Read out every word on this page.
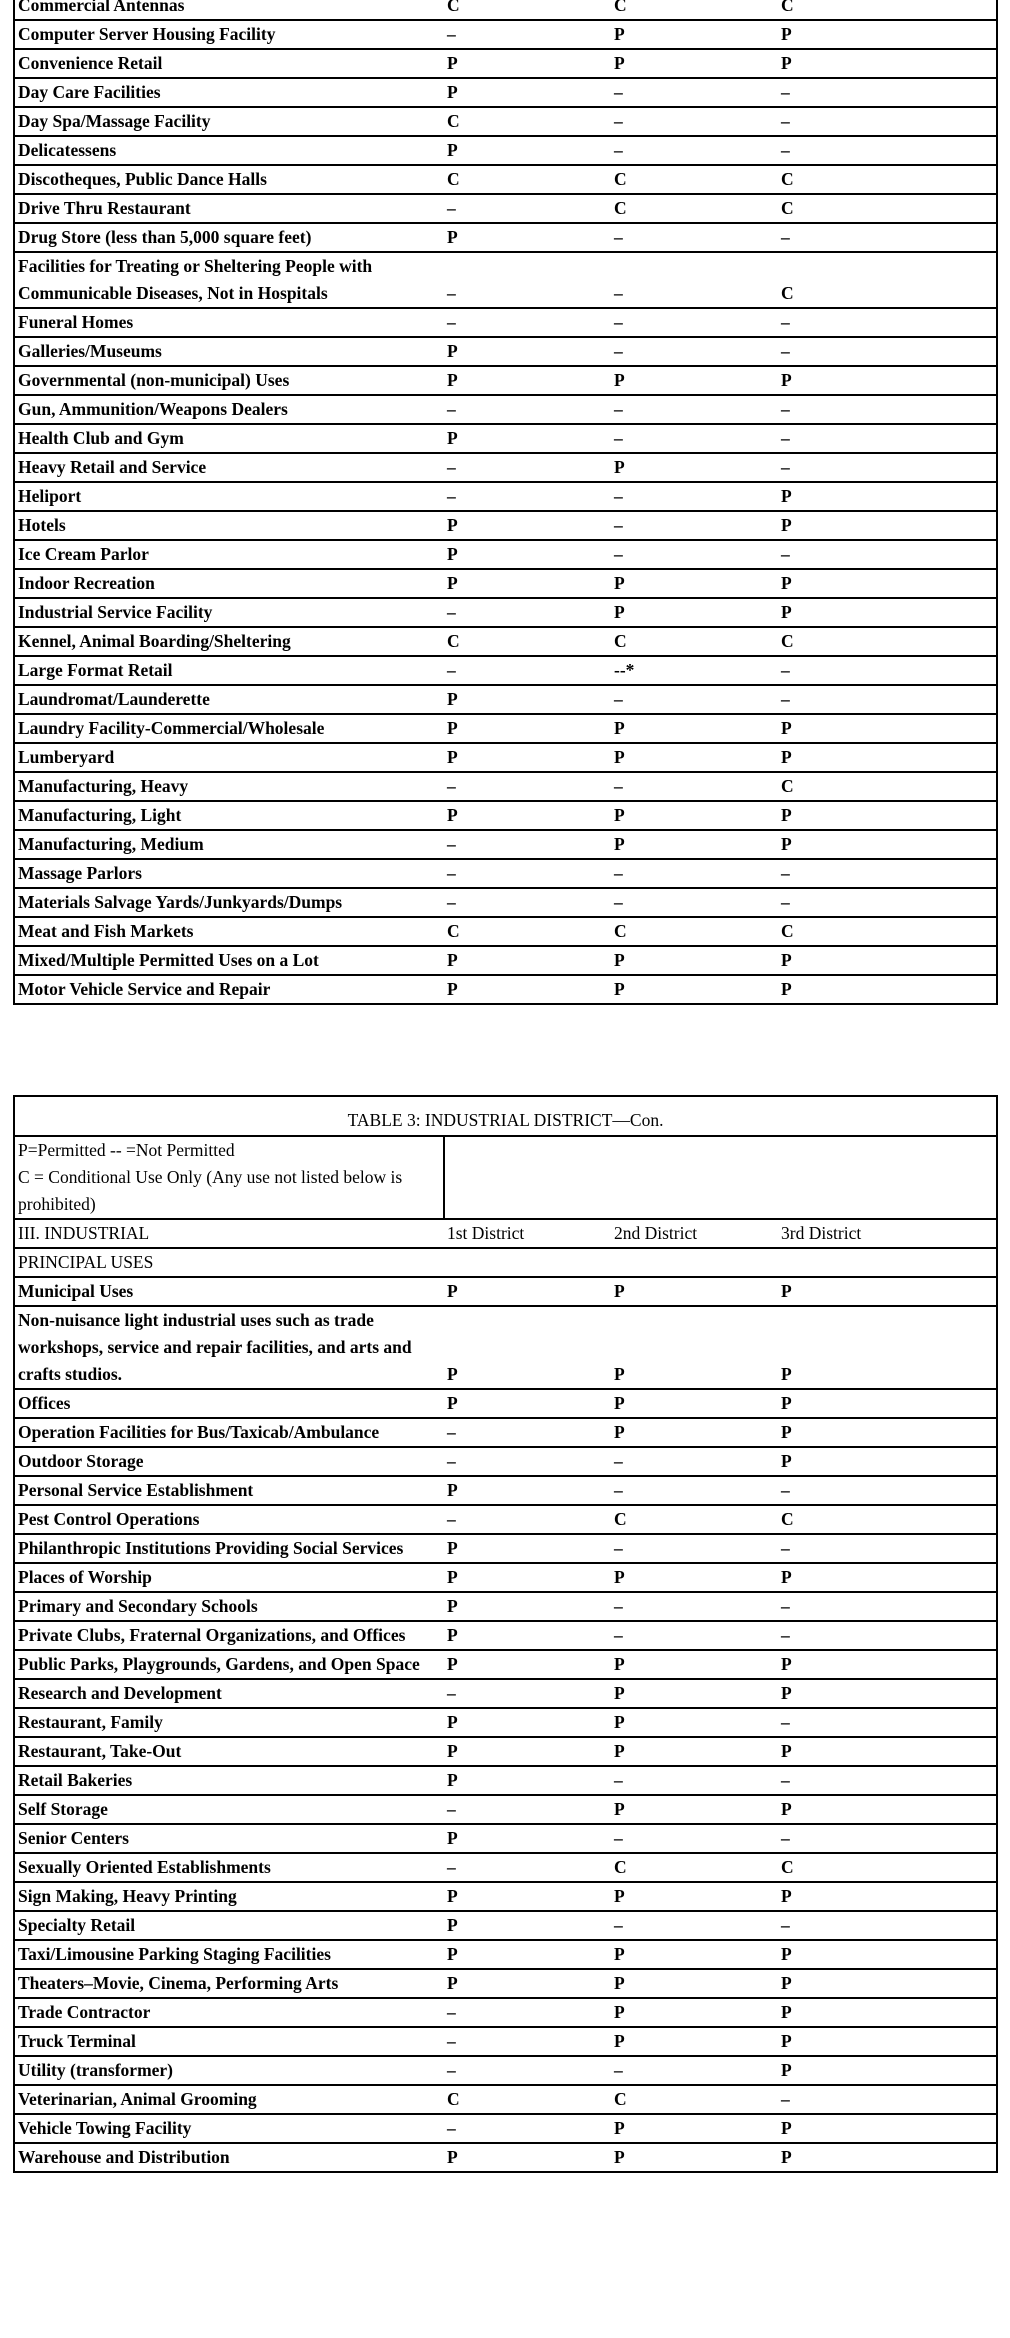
Commercial Antennas	C	C	C
Computer Server Housing Facility	–	P	P
Convenience Retail	P	P	P
Day Care Facilities	P	–	–
Day Spa/Massage Facility	C	–	–
Delicatessens	P	–	–
Discotheques, Public Dance Halls	C	C	C
Drive Thru Restaurant	–	C	C
Drug Store (less than 5,000 square feet)	P	–	–
Facilities for Treating or Sheltering People with Communicable Diseases, Not in Hospitals	–	–	C
Funeral Homes	–	–	–
Galleries/Museums	P	–	–
Governmental (non-municipal) Uses	P	P	P
Gun, Ammunition/Weapons Dealers	–	–	–
Health Club and Gym	P	–	–
Heavy Retail and Service	–	P	–
Heliport	–	–	P
Hotels	P	–	P
Ice Cream Parlor	P	–	–
Indoor Recreation	P	P	P
Industrial Service Facility	–	P	P
Kennel, Animal Boarding/Sheltering	C	C	C
Large Format Retail	–	--*	–
Laundromat/Launderette	P	–	–
Laundry Facility-Commercial/Wholesale	P	P	P
Lumberyard	P	P	P
Manufacturing, Heavy	–	–	C
Manufacturing, Light	P	P	P
Manufacturing, Medium	–	P	P
Massage Parlors	–	–	–
Materials Salvage Yards/Junkyards/Dumps	–	–	–
Meat and Fish Markets	C	C	C
Mixed/Multiple Permitted Uses on a Lot	P	P	P
Motor Vehicle Service and Repair	P	P	P
TABLE 3: INDUSTRIAL DISTRICT—Con.			

P=Permitted -- =Not Permitted
C = Conditional Use Only (Any use not listed below is prohibited)			

III. INDUSTRIAL	1st District	2nd District	3rd District
PRINCIPAL USES			
Municipal Uses	P	P	P
Non-nuisance light industrial uses such as trade workshops, service and repair facilities, and arts and crafts studios.	P	P	P
Offices	P	P	P
Operation Facilities for Bus/Taxicab/Ambulance	–	P	P
Outdoor Storage	–	–	P
Personal Service Establishment	P	–	–
Pest Control Operations	–	C	C
Philanthropic Institutions Providing Social Services	P	–	–
Places of Worship	P	P	P
Primary and Secondary Schools	P	–	–
Private Clubs, Fraternal Organizations, and Offices	P	–	–
Public Parks, Playgrounds, Gardens, and Open Space	P	P	P
Research and Development	–	P	P
Restaurant, Family	P	P	–
Restaurant, Take-Out	P	P	P
Retail Bakeries	P	–	–
Self Storage	–	P	P
Senior Centers	P	–	–
Sexually Oriented Establishments	–	C	C
Sign Making, Heavy Printing	P	P	P
Specialty Retail	P	–	–
Taxi/Limousine Parking Staging Facilities	P	P	P
Theaters–Movie, Cinema, Performing Arts	P	P	P
Trade Contractor	–	P	P
Truck Terminal	–	P	P
Utility (transformer)	–	–	P
Veterinarian, Animal Grooming	C	C	–
Vehicle Towing Facility	–	P	P
Warehouse and Distribution	P	P	P
